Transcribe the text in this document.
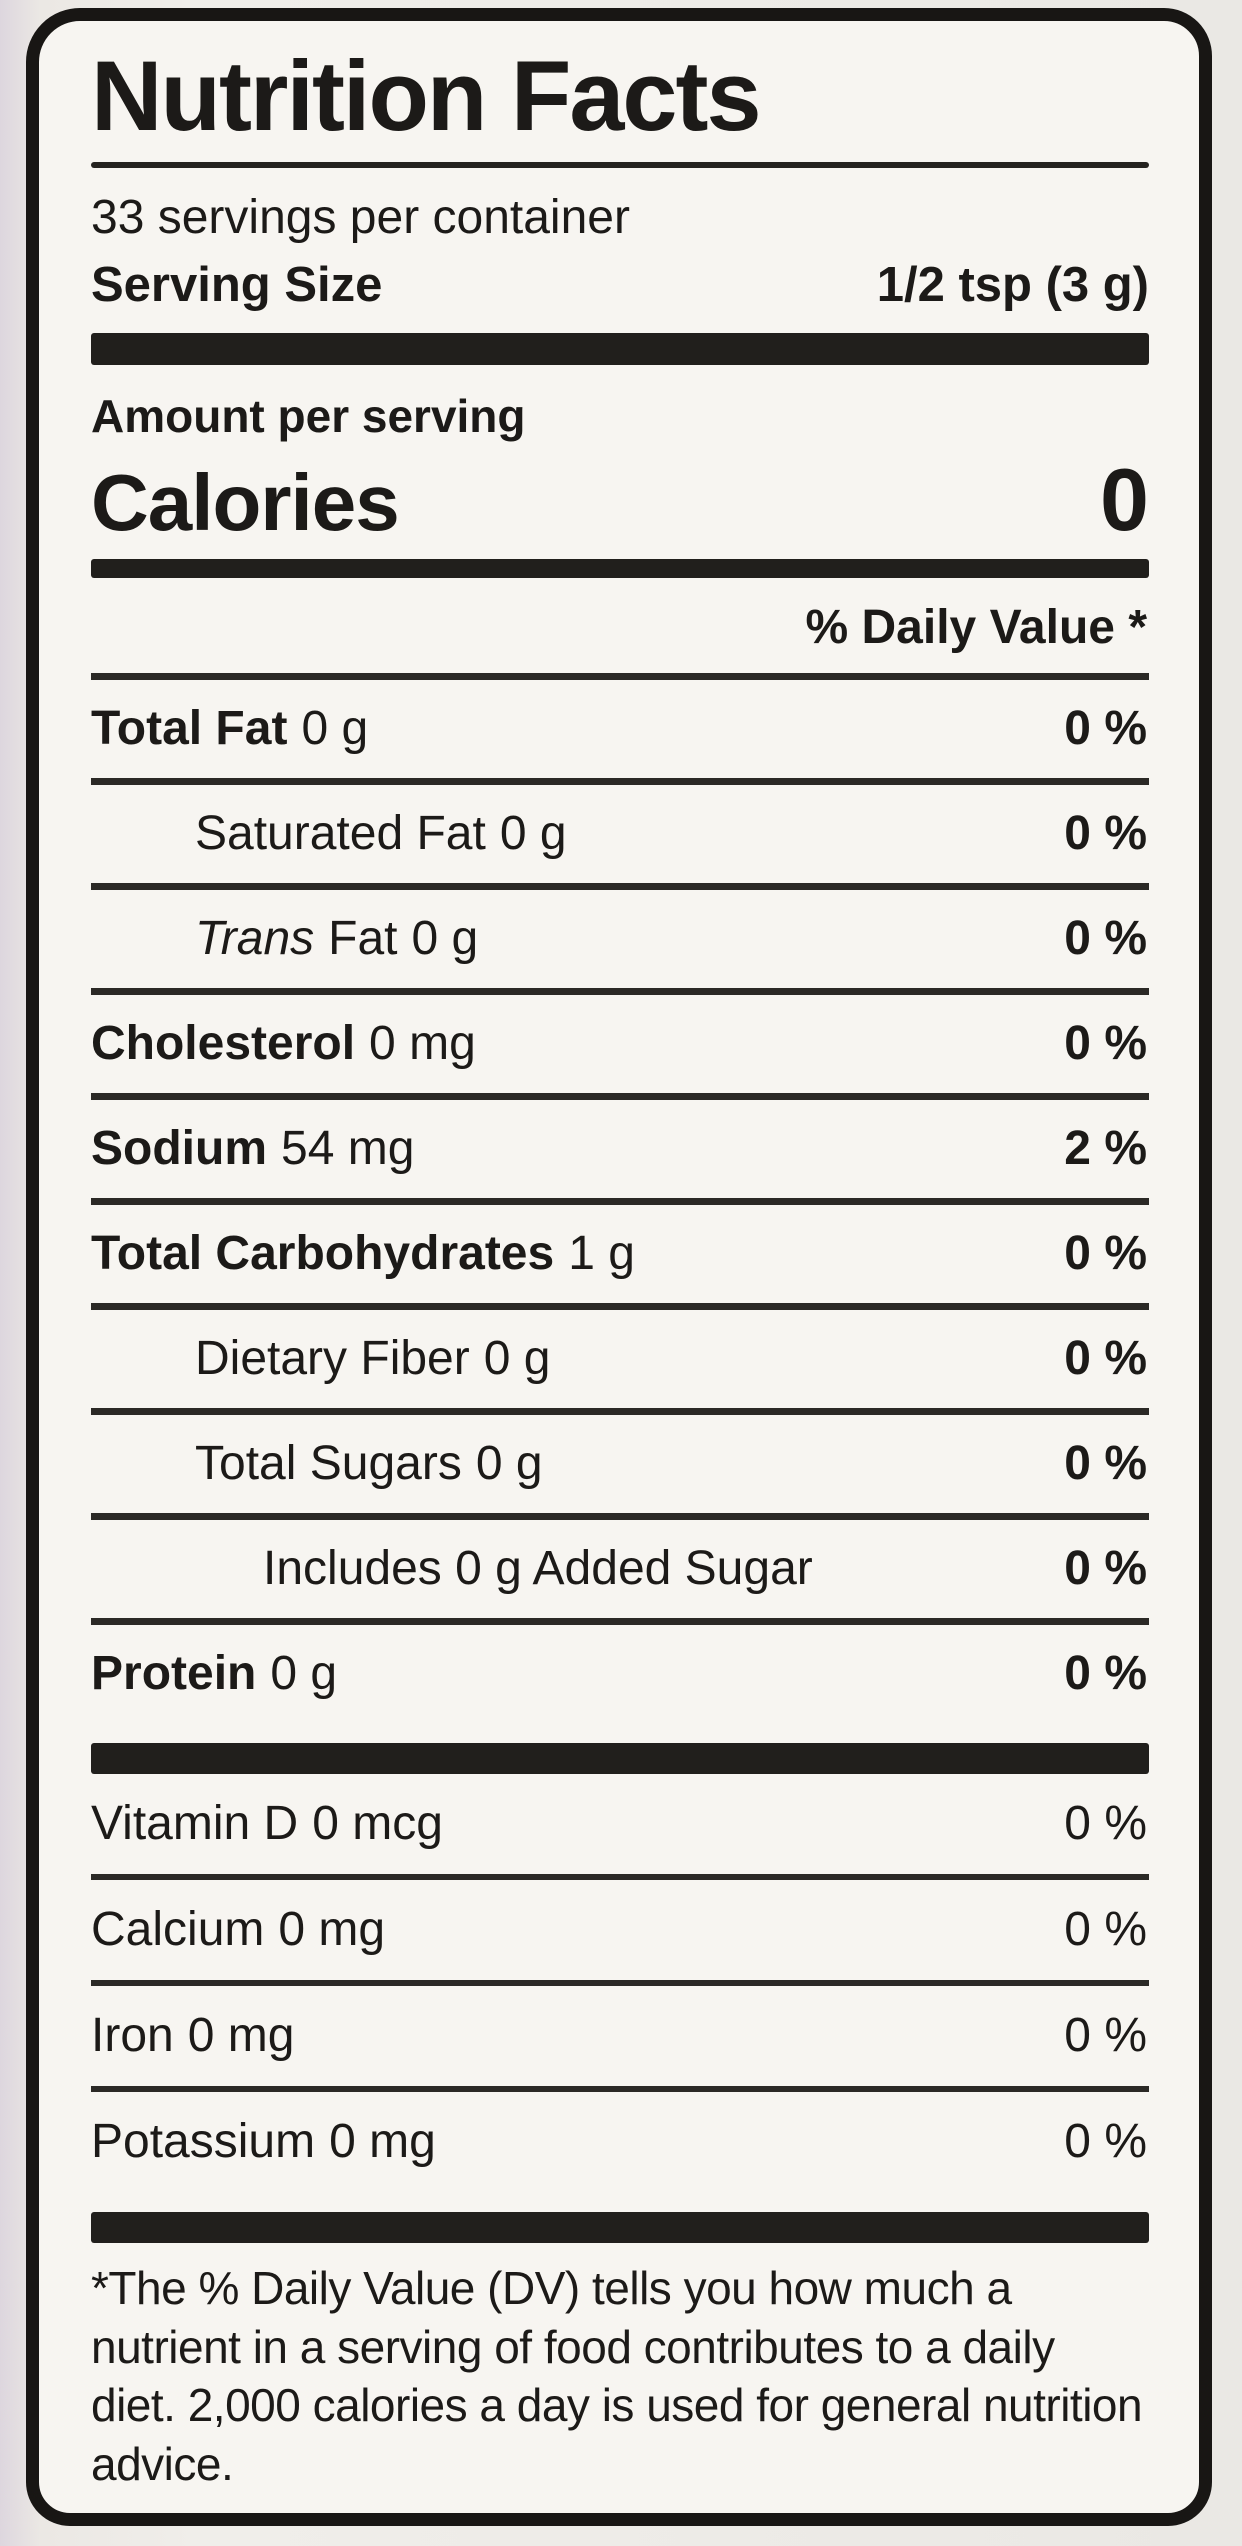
Nutrition Facts
33 servings per container
Serving Size	1/2 tsp (3 g)
Amount per serving
Calories	0
% Daily Value *
Total Fat 0 g	0 %
Saturated Fat 0 g	0 %
Trans Fat 0 g	0 %
Cholesterol 0 mg	0 %
Sodium 54 mg	2 %
Total Carbohydrates 1 g	0 %
Dietary Fiber 0 g	0 %
Total Sugars 0 g	0 %
Includes 0 g Added Sugar	0 %
Protein 0 g	0 %
Vitamin D 0 mcg	0 %
Calcium 0 mg	0 %
Iron 0 mg	0 %
Potassium 0 mg	0 %
*The % Daily Value (DV) tells you how much a nutrient in a serving of food contributes to a daily diet. 2,000 calories a day is used for general nutrition advice.
